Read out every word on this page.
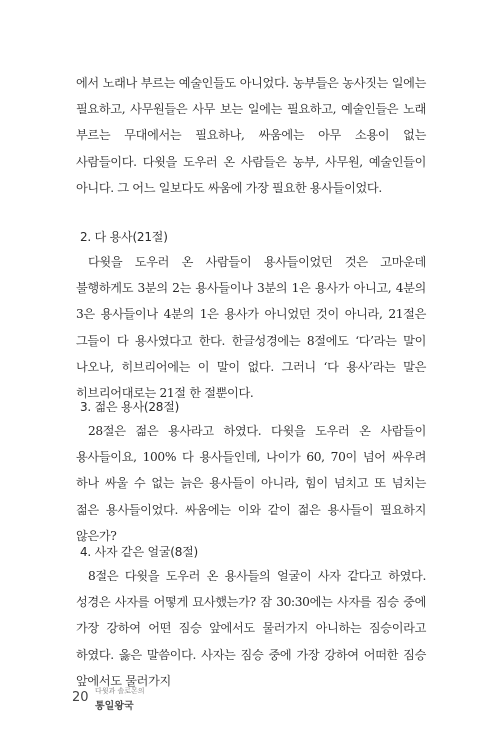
에서 노래나 부르는 예술인들도 아니었다. 농부들은 농사짓는 일에는 필요하고, 사무원들은 사무 보는 일에는 필요하고, 예술인들은 노래 부르는 무대에서는 필요하나, 싸움에는 아무 소용이 없는 사람들이다. 다윗을 도우러 온 사람들은 농부, 사무원, 예술인들이 아니다. 그 어느 일보다도 싸움에 가장 필요한 용사들이었다.

2. 다 용사(21절)

다윗을 도우러 온 사람들이 용사들이었던 것은 고마운데 불행하게도 3분의 2는 용사들이나 3분의 1은 용사가 아니고, 4분의 3은 용사들이나 4분의 1은 용사가 아니었던 것이 아니라, 21절은 그들이 다 용사였다고 한다. 한글성경에는 8절에도 ‘다’라는 말이 나오나, 히브리어에는 이 말이 없다. 그러니 ‘다 용사’라는 말은 히브리어대로는 21절 한 절뿐이다.

3. 젊은 용사(28절)

28절은 젊은 용사라고 하였다. 다윗을 도우러 온 사람들이 용사들이요, 100% 다 용사들인데, 나이가 60, 70이 넘어 싸우려 하나 싸울 수 없는 늙은 용사들이 아니라, 힘이 넘치고 또 넘치는 젊은 용사들이었다. 싸움에는 이와 같이 젊은 용사들이 필요하지 않은가?

4. 사자 같은 얼굴(8절)

8절은 다윗을 도우러 온 용사들의 얼굴이 사자 같다고 하였다. 성경은 사자를 어떻게 묘사했는가? 잠 30:30에는 사자를 짐승 중에 가장 강하여 어떤 짐승 앞에서도 물러가지 아니하는 짐승이라고 하였다. 옳은 말씀이다. 사자는 짐승 중에 가장 강하여 어떠한 짐승 앞에서도 물러가지

20 다윗과 솔로몬의
통일왕국
